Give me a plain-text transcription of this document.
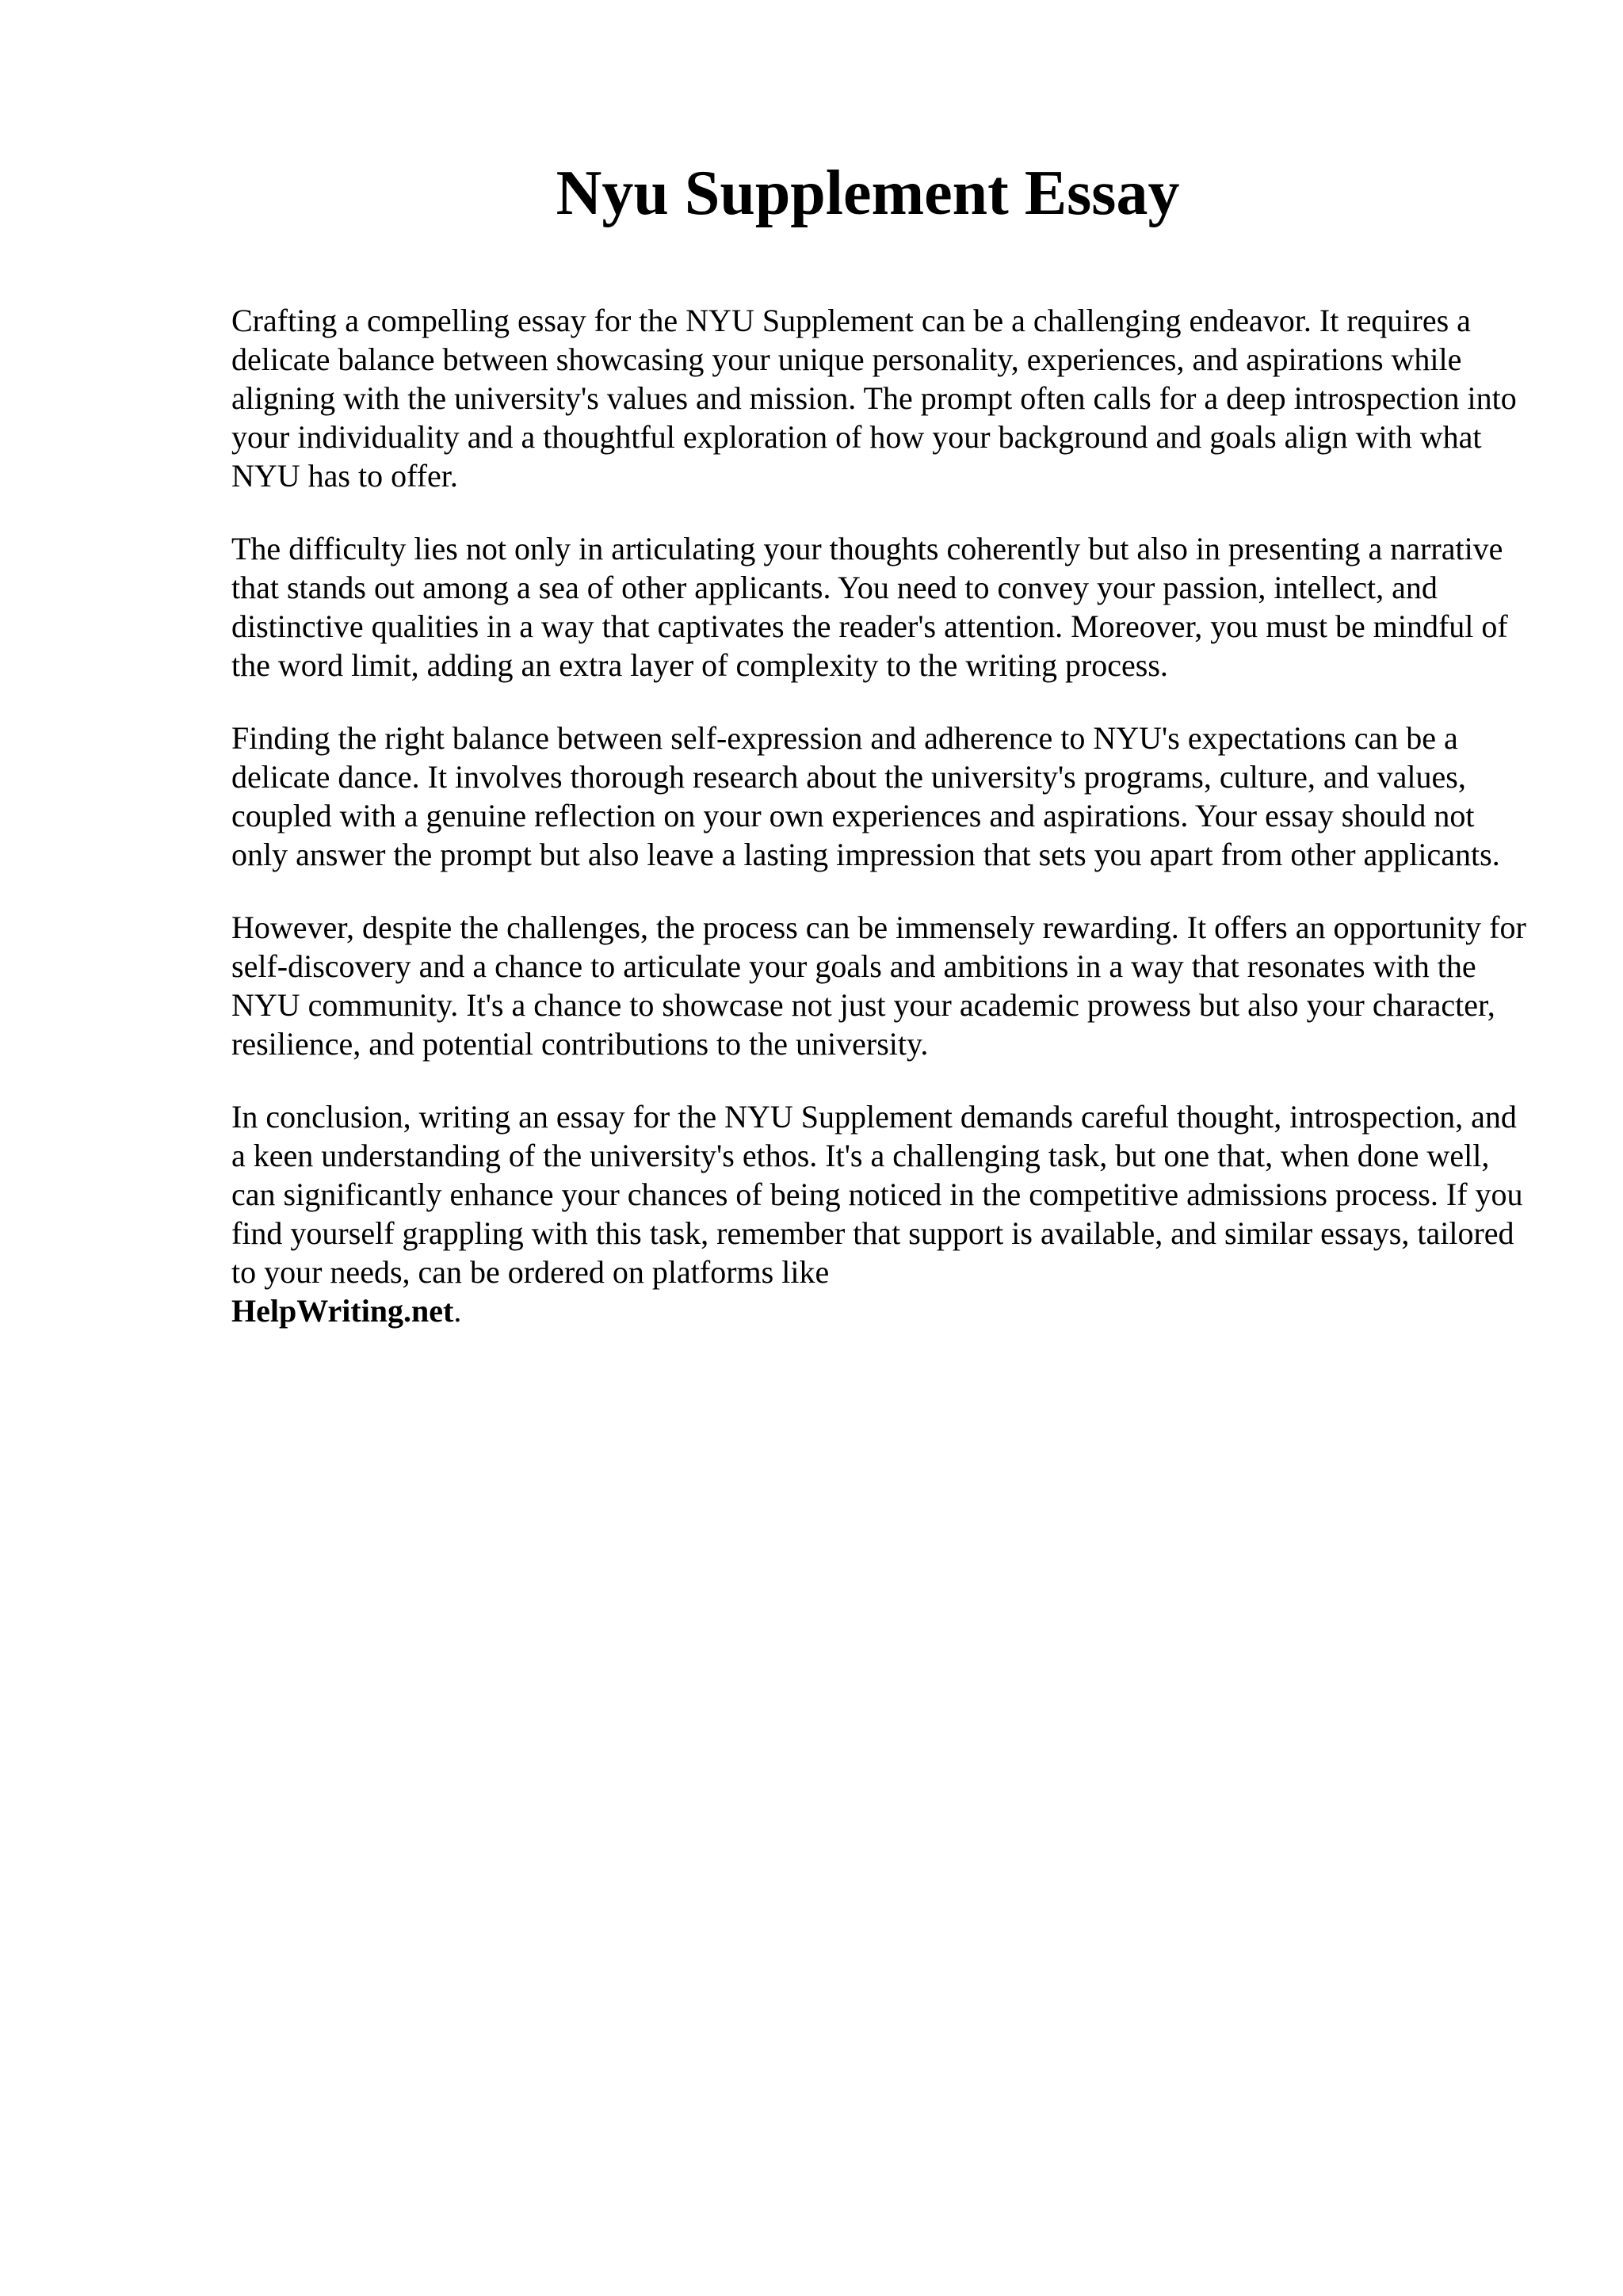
Nyu Supplement Essay

Crafting a compelling essay for the NYU Supplement can be a challenging endeavor. It requires a delicate balance between showcasing your unique personality, experiences, and aspirations while aligning with the university's values and mission. The prompt often calls for a deep introspection into your individuality and a thoughtful exploration of how your background and goals align with what NYU has to offer.

The difficulty lies not only in articulating your thoughts coherently but also in presenting a narrative that stands out among a sea of other applicants. You need to convey your passion, intellect, and distinctive qualities in a way that captivates the reader's attention. Moreover, you must be mindful of the word limit, adding an extra layer of complexity to the writing process.

Finding the right balance between self-expression and adherence to NYU's expectations can be a delicate dance. It involves thorough research about the university's programs, culture, and values, coupled with a genuine reflection on your own experiences and aspirations. Your essay should not only answer the prompt but also leave a lasting impression that sets you apart from other applicants.

However, despite the challenges, the process can be immensely rewarding. It offers an opportunity for self-discovery and a chance to articulate your goals and ambitions in a way that resonates with the NYU community. It's a chance to showcase not just your academic prowess but also your character, resilience, and potential contributions to the university.

In conclusion, writing an essay for the NYU Supplement demands careful thought, introspection, and a keen understanding of the university's ethos. It's a challenging task, but one that, when done well, can significantly enhance your chances of being noticed in the competitive admissions process. If you find yourself grappling with this task, remember that support is available, and similar essays, tailored to your needs, can be ordered on platforms like
HelpWriting.net.
